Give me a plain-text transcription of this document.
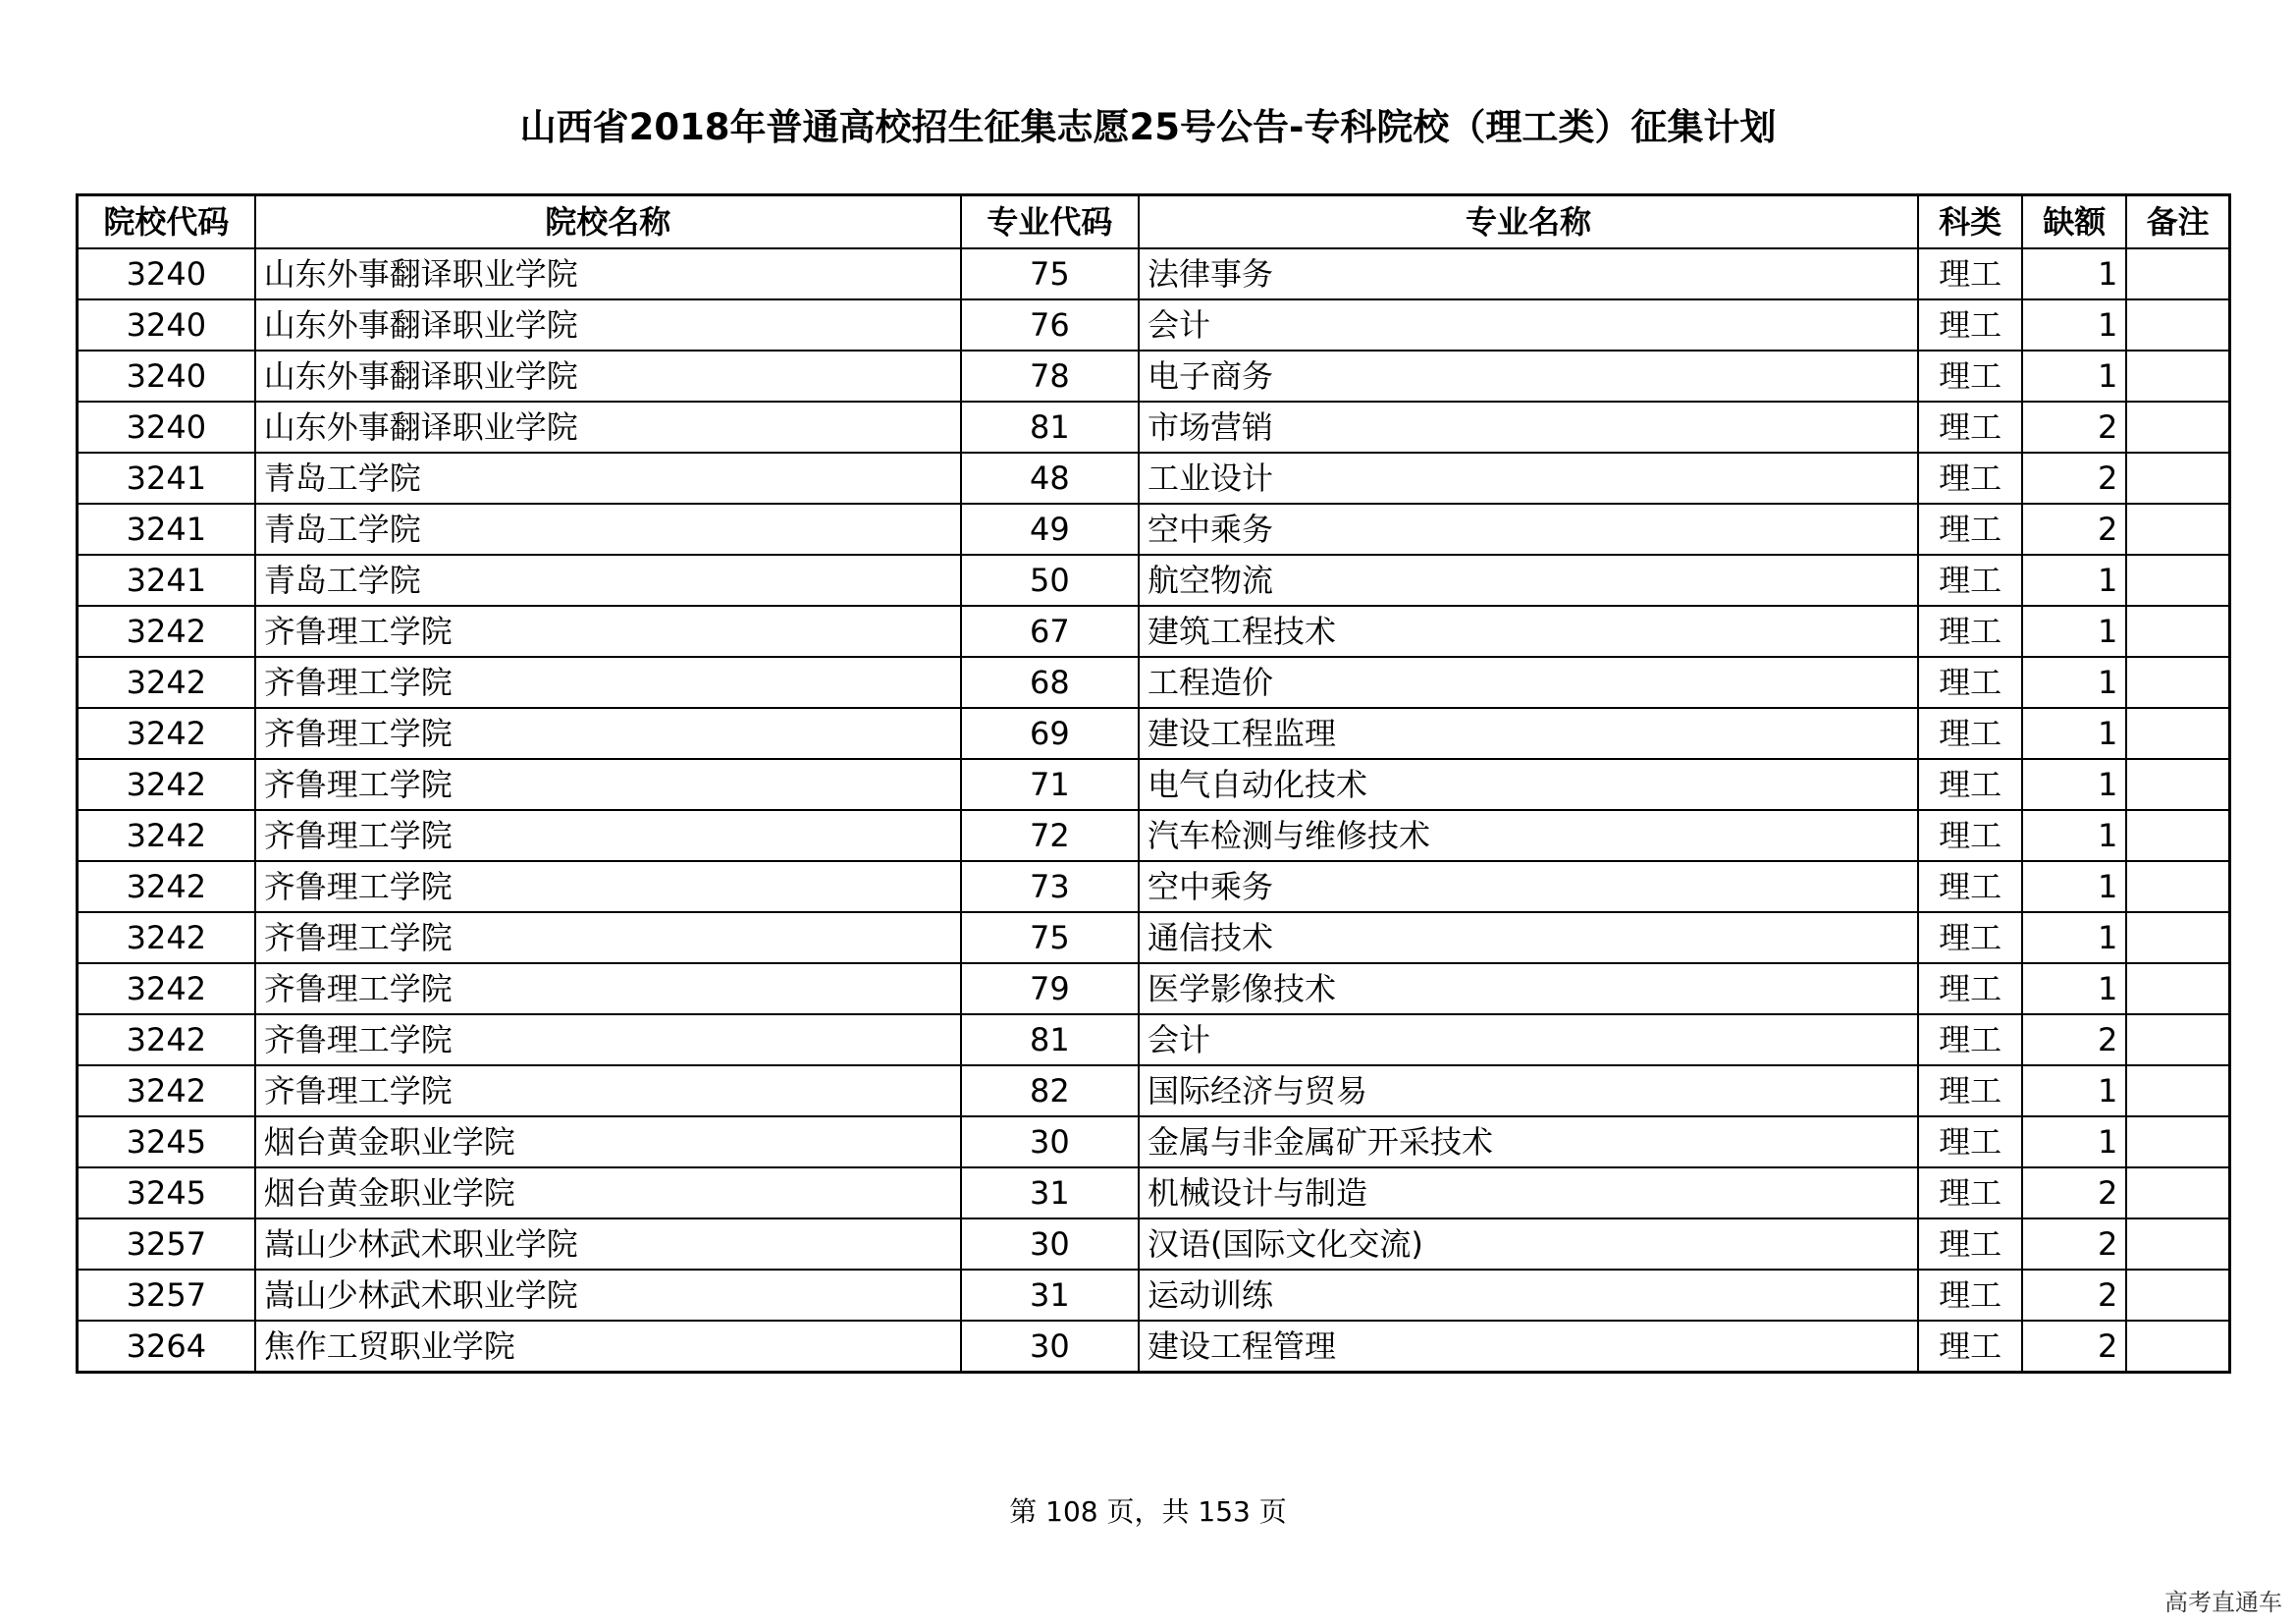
山西省2018年普通高校招生征集志愿25号公告-专科院校（理工类）征集计划
院校代码	院校名称	专业代码	专业名称	科类	缺额	备注
3240	山东外事翻译职业学院	75	法律事务	理工	1	
3240	山东外事翻译职业学院	76	会计	理工	1	
3240	山东外事翻译职业学院	78	电子商务	理工	1	
3240	山东外事翻译职业学院	81	市场营销	理工	2	
3241	青岛工学院	48	工业设计	理工	2	
3241	青岛工学院	49	空中乘务	理工	2	
3241	青岛工学院	50	航空物流	理工	1	
3242	齐鲁理工学院	67	建筑工程技术	理工	1	
3242	齐鲁理工学院	68	工程造价	理工	1	
3242	齐鲁理工学院	69	建设工程监理	理工	1	
3242	齐鲁理工学院	71	电气自动化技术	理工	1	
3242	齐鲁理工学院	72	汽车检测与维修技术	理工	1	
3242	齐鲁理工学院	73	空中乘务	理工	1	
3242	齐鲁理工学院	75	通信技术	理工	1	
3242	齐鲁理工学院	79	医学影像技术	理工	1	
3242	齐鲁理工学院	81	会计	理工	2	
3242	齐鲁理工学院	82	国际经济与贸易	理工	1	
3245	烟台黄金职业学院	30	金属与非金属矿开采技术	理工	1	
3245	烟台黄金职业学院	31	机械设计与制造	理工	2	
3257	嵩山少林武术职业学院	30	汉语(国际文化交流)	理工	2	
3257	嵩山少林武术职业学院	31	运动训练	理工	2	
3264	焦作工贸职业学院	30	建设工程管理	理工	2	
第 108 页，共 153 页
高考直通车
